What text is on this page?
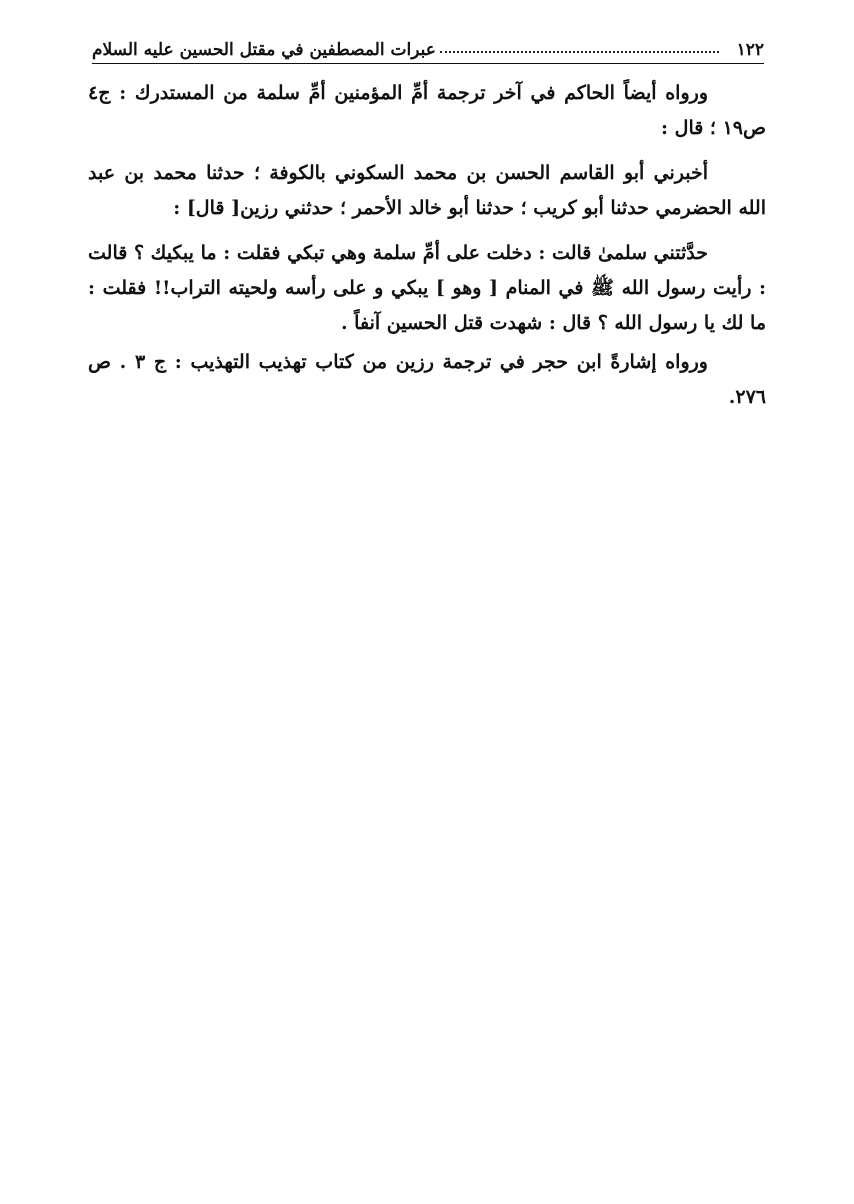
١٢٢
عبرات المصطفين في مقتل الحسين عليه السلام

ورواه أيضاً الحاكم في آخر ترجمة أمِّ المؤمنين أمِّ سلمة من المستدرك : ج٤ ص١٩ ؛ قال :

أخبرني أبو القاسم الحسن بن محمد السكوني بالكوفة ؛ حدثنا محمد بن عبد الله الحضرمي حدثنا أبو كريب ؛ حدثنا أبو خالد الأحمر ؛ حدثني رزين[ قال] :

حدَّثتني سلمىٰ قالت : دخلت على أمِّ سلمة وهي تبكي فقلت : ما يبكيك ؟ قالت : رأيت رسول الله ﷺ في المنام [ وهو ] يبكي و على رأسه ولحيته التراب!! فقلت : ما لك يا رسول الله ؟ قال : شهدت قتل الحسين آنفاً .

ورواه إشارةً ابن حجر في ترجمة رزين من كتاب تهذيب التهذيب : ج ٣ . ص ٢٧٦.
